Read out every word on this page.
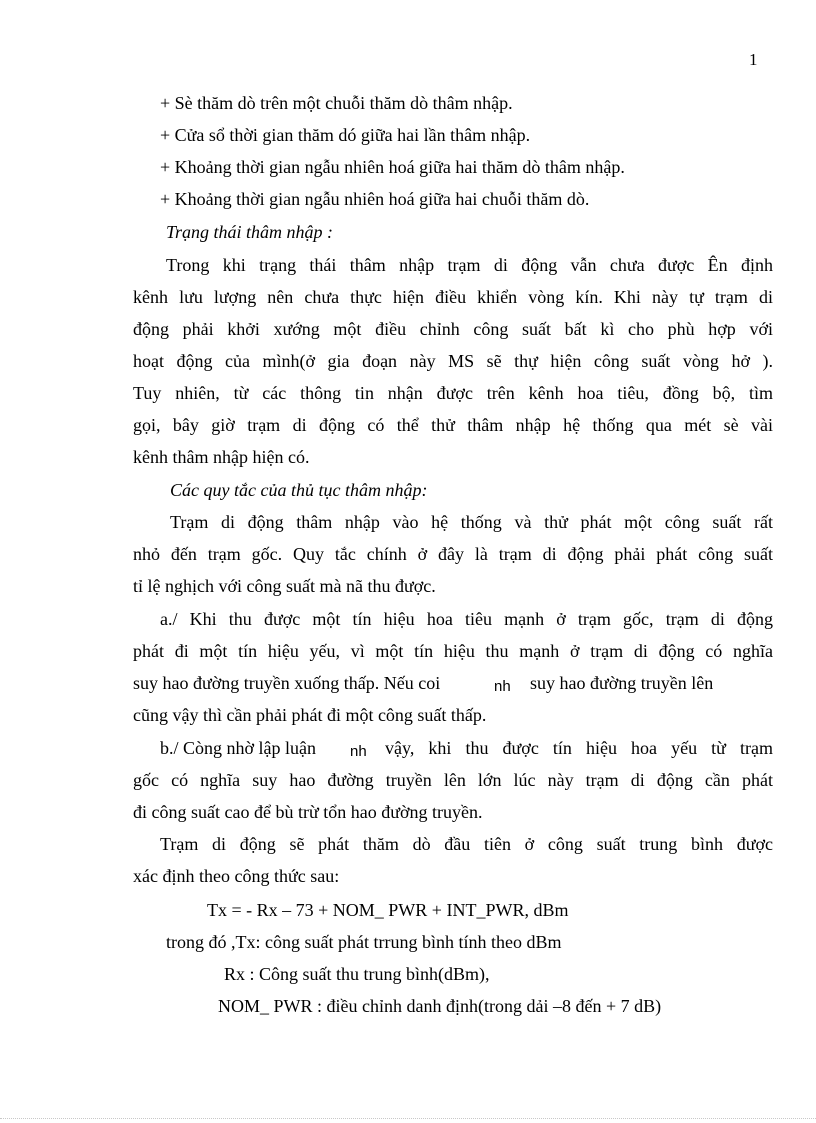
1
+ Sè thăm dò trên một chuỗi thăm dò thâm nhập.
+ Cửa sổ thời gian thăm dó giữa hai lần thâm nhập.
+ Khoảng thời gian ngẫu nhiên hoá giữa hai thăm dò thâm nhập.
+ Khoảng thời gian ngẫu nhiên hoá giữa hai chuỗi thăm dò.
Trạng thái thâm nhập :
Trong khi trạng thái thâm nhập trạm di động vẫn chưa được Ên định
kênh lưu lượng nên chưa thực hiện điều khiển vòng kín. Khi này tự trạm di
động phải khởi xướng một điều chỉnh công suất bất kì cho phù hợp với
hoạt động của mình(ở gia đoạn này MS sẽ thự hiện công suất vòng hở ).
Tuy nhiên, từ các thông tin nhận được trên kênh hoa tiêu, đồng bộ, tìm
gọi, bây giờ trạm di động có thể thử thâm nhập hệ thống qua mét sè vài
kênh thâm nhập hiện có.
Các quy tắc của thủ tục thâm nhập:
Trạm di động thâm nhập vào hệ thống và thử phát một công suất rất
nhỏ đến trạm gốc. Quy tắc chính ở đây là trạm di động phải phát công suất
tỉ lệ nghịch với công suất mà nã thu được.
a./ Khi thu được một tín hiệu hoa tiêu mạnh ở trạm gốc, trạm di động
phát đi một tín hiệu yếu, vì một tín hiệu thu mạnh ở trạm di động có nghĩa
suy hao đường truyền xuống thấp. Nếu coi	nh suy hao đường truyền lên
cũng vậy thì cần phải phát đi một công suất thấp.
b./ Còng nhờ lập luận nh vậy, khi thu được tín hiệu hoa yếu từ trạm
gốc có nghĩa suy hao đường truyền lên lớn lúc này trạm di động cần phát
đi công suất cao để bù trừ tổn hao đường truyền.
Trạm di động sẽ phát thăm dò đầu tiên ở công suất trung bình được
xác định theo công thức sau:
Tx = - Rx – 73 + NOM_ PWR + INT_PWR, dBm
trong đó ,Tx: công suất phát trrung bình tính theo dBm
Rx : Công suất thu trung bình(dBm),
NOM_ PWR : điều chỉnh danh định(trong dải –8 đến + 7 dB)
